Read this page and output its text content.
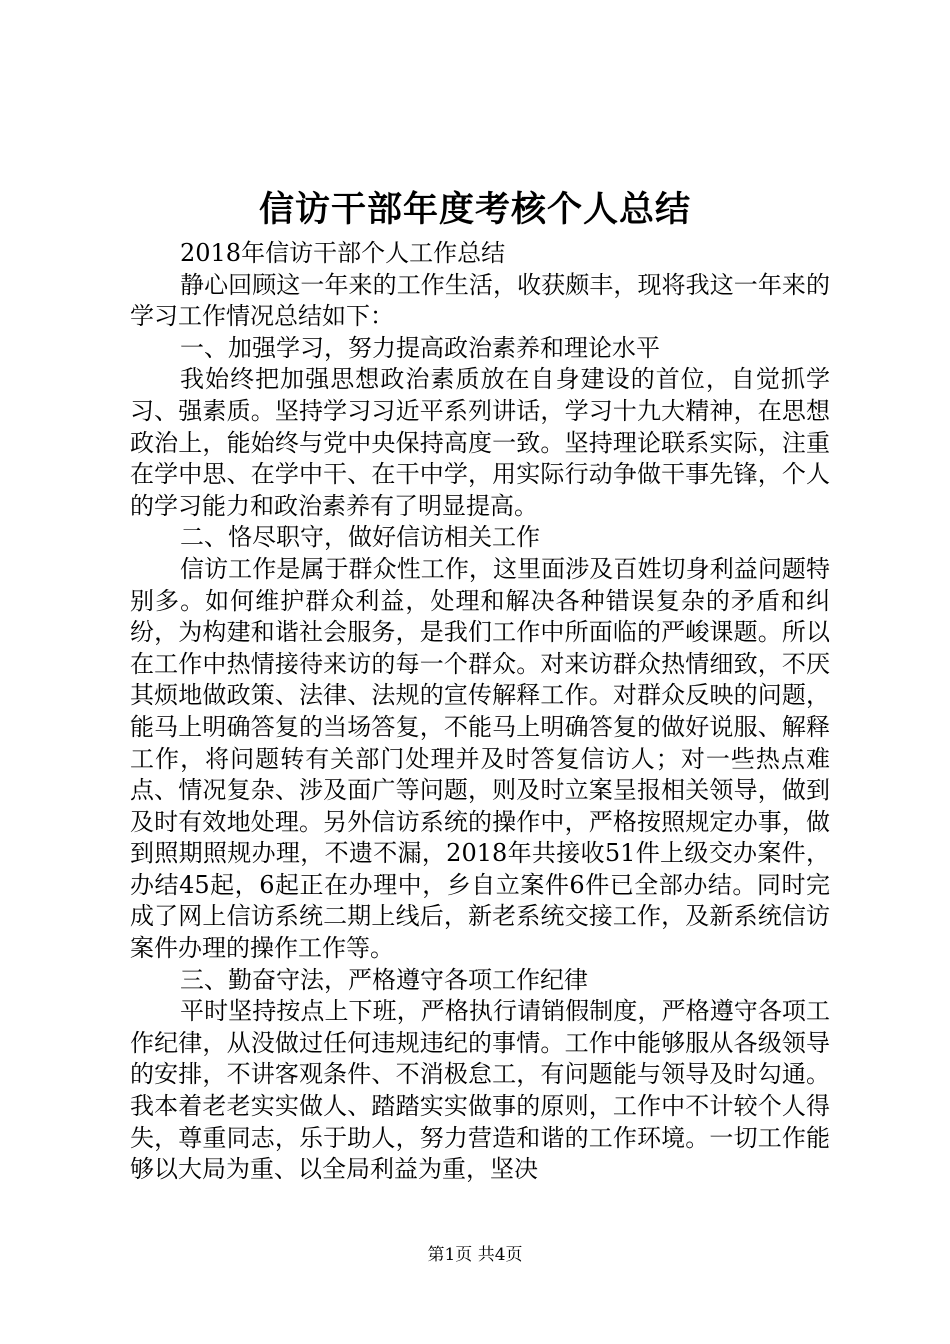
信访干部年度考核个人总结

2018年信访干部个人工作总结

静心回顾这一年来的工作生活，收获颇丰，现将我这一年来的学习工作情况总结如下：

一、加强学习，努力提高政治素养和理论水平

我始终把加强思想政治素质放在自身建设的首位，自觉抓学习、强素质。坚持学习习近平系列讲话，学习十九大精神，在思想政治上，能始终与党中央保持高度一致。坚持理论联系实际，注重在学中思、在学中干、在干中学，用实际行动争做干事先锋，个人的学习能力和政治素养有了明显提高。

二、恪尽职守，做好信访相关工作

信访工作是属于群众性工作，这里面涉及百姓切身利益问题特别多。如何维护群众利益，处理和解决各种错误复杂的矛盾和纠纷，为构建和谐社会服务，是我们工作中所面临的严峻课题。所以在工作中热情接待来访的每一个群众。对来访群众热情细致，不厌其烦地做政策、法律、法规的宣传解释工作。对群众反映的问题，能马上明确答复的当场答复，不能马上明确答复的做好说服、解释工作，将问题转有关部门处理并及时答复信访人；对一些热点难点、情况复杂、涉及面广等问题，则及时立案呈报相关领导，做到及时有效地处理。另外信访系统的操作中，严格按照规定办事，做到照期照规办理，不遗不漏，2018年共接收51件上级交办案件，办结45起，6起正在办理中，乡自立案件6件已全部办结。同时完成了网上信访系统二期上线后，新老系统交接工作，及新系统信访案件办理的操作工作等。

三、勤奋守法，严格遵守各项工作纪律

平时坚持按点上下班，严格执行请销假制度，严格遵守各项工作纪律，从没做过任何违规违纪的事情。工作中能够服从各级领导的安排，不讲客观条件、不消极怠工，有问题能与领导及时勾通。我本着老老实实做人、踏踏实实做事的原则，工作中不计较个人得失，尊重同志，乐于助人，努力营造和谐的工作环境。一切工作能够以大局为重、以全局利益为重，坚决

第1页 共4页
